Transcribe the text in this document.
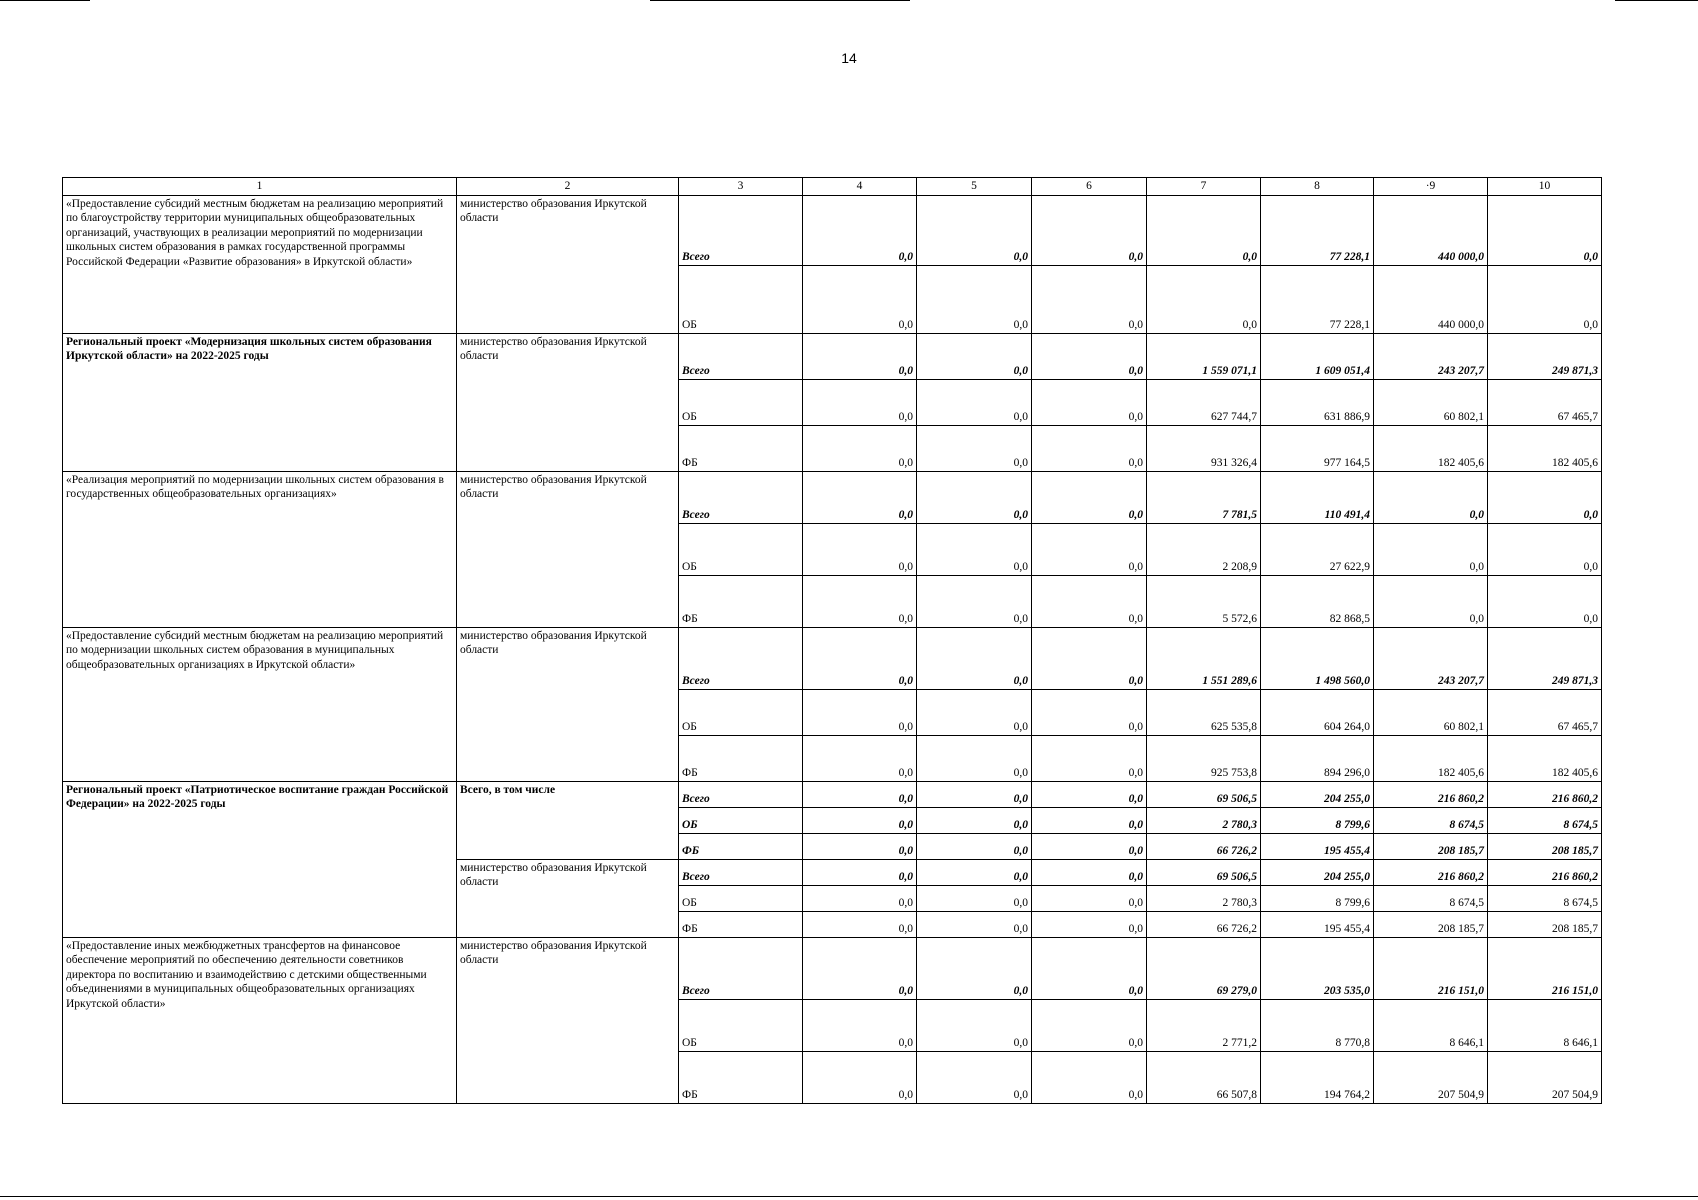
14
1	2	3	4	5	6	7	8	·9	10
«Предоставление субсидий местным бюджетам на реализацию мероприятий по благоустройству территории муниципальных общеобразовательных организаций, участвующих в реализации мероприятий по модернизации школьных систем образования в рамках государственной программы Российской Федерации «Развитие образования» в Иркутской области»	министерство образования Иркутской области	Всего	0,0	0,0	0,0	0,0	77 228,1	440 000,0	0,0
		ОБ	0,0	0,0	0,0	0,0	77 228,1	440 000,0	0,0
Региональный проект «Модернизация школьных систем образования Иркутской области» на 2022-2025 годы	министерство образования Иркутской области	Всего	0,0	0,0	0,0	1 559 071,1	1 609 051,4	243 207,7	249 871,3
		ОБ	0,0	0,0	0,0	627 744,7	631 886,9	60 802,1	67 465,7
		ФБ	0,0	0,0	0,0	931 326,4	977 164,5	182 405,6	182 405,6
«Реализация мероприятий по модернизации школьных систем образования в государственных общеобразовательных организациях»	министерство образования Иркутской области	Всего	0,0	0,0	0,0	7 781,5	110 491,4	0,0	0,0
		ОБ	0,0	0,0	0,0	2 208,9	27 622,9	0,0	0,0
		ФБ	0,0	0,0	0,0	5 572,6	82 868,5	0,0	0,0
«Предоставление субсидий местным бюджетам на реализацию мероприятий по модернизации школьных систем образования в муниципальных общеобразовательных организациях в Иркутской области»	министерство образования Иркутской области	Всего	0,0	0,0	0,0	1 551 289,6	1 498 560,0	243 207,7	249 871,3
		ОБ	0,0	0,0	0,0	625 535,8	604 264,0	60 802,1	67 465,7
		ФБ	0,0	0,0	0,0	925 753,8	894 296,0	182 405,6	182 405,6
Региональный проект «Патриотическое воспитание граждан Российской Федерации» на 2022-2025 годы	Всего, в том числе	Всего	0,0	0,0	0,0	69 506,5	204 255,0	216 860,2	216 860,2
		ОБ	0,0	0,0	0,0	2 780,3	8 799,6	8 674,5	8 674,5
		ФБ	0,0	0,0	0,0	66 726,2	195 455,4	208 185,7	208 185,7
	министерство образования Иркутской области	Всего	0,0	0,0	0,0	69 506,5	204 255,0	216 860,2	216 860,2
		ОБ	0,0	0,0	0,0	2 780,3	8 799,6	8 674,5	8 674,5
		ФБ	0,0	0,0	0,0	66 726,2	195 455,4	208 185,7	208 185,7
«Предоставление иных межбюджетных трансфертов на финансовое обеспечение мероприятий по обеспечению деятельности советников директора по воспитанию и взаимодействию с детскими общественными объединениями в муниципальных общеобразовательных организациях Иркутской области»	министерство образования Иркутской области	Всего	0,0	0,0	0,0	69 279,0	203 535,0	216 151,0	216 151,0
		ОБ	0,0	0,0	0,0	2 771,2	8 770,8	8 646,1	8 646,1
		ФБ	0,0	0,0	0,0	66 507,8	194 764,2	207 504,9	207 504,9
